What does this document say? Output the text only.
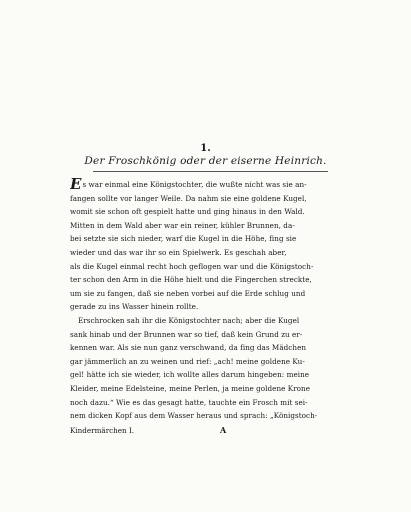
1.
Der Froschkönig oder der eiserne Heinrich.
Es war einmal eine Königstochter, die wußte nicht was sie an-
fangen sollte vor langer Weile. Da nahm sie eine goldene Kugel,
womit sie schon oft gespielt hatte und ging hinaus in den Wald.
Mitten in dem Wald aber war ein reiner, kühler Brunnen, da-
bei setzte sie sich nieder, warf die Kugel in die Höhe, fing sie
wieder und das war ihr so ein Spielwerk. Es geschah aber,
als die Kugel einmal recht hoch geflogen war und die Königstoch-
ter schon den Arm in die Höhe hielt und die Fingerchen streckte,
um sie zu fangen, daß sie neben vorbei auf die Erde schlug und
gerade zu ins Wasser hinein rollte.
Erschrocken sah ihr die Königstochter nach; aber die Kugel
sank hinab und der Brunnen war so tief, daß kein Grund zu er-
kennen war. Als sie nun ganz verschwand, da fing das Mädchen
gar jämmerlich an zu weinen und rief: „ach! meine goldene Ku-
gel! hätte ich sie wieder, ich wollte alles darum hingeben: meine
Kleider, meine Edelsteine, meine Perlen, ja meine goldene Krone
noch dazu.“ Wie es das gesagt hatte, tauchte ein Frosch mit sei-
nem dicken Kopf aus dem Wasser heraus und sprach: „Königstoch-
Kindermärchen I.	A
